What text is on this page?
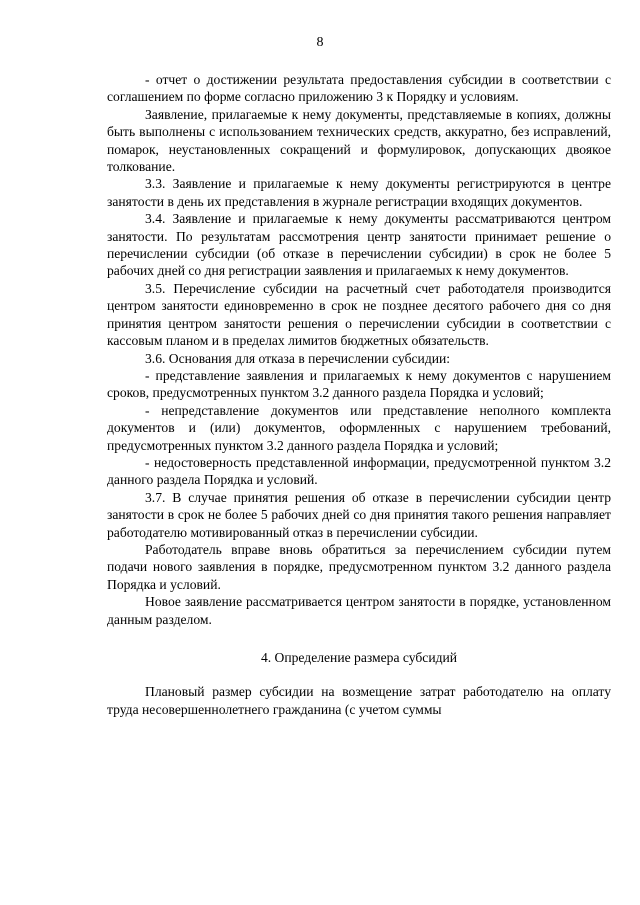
8

- отчет о достижении результата предоставления субсидии в соответствии с соглашением по форме согласно приложению 3 к Порядку и условиям.

Заявление, прилагаемые к нему документы, представляемые в копиях, должны быть выполнены с использованием технических средств, аккуратно, без исправлений, помарок, неустановленных сокращений и формулировок, допускающих двоякое толкование.

3.3. Заявление и прилагаемые к нему документы регистрируются в центре занятости в день их представления в журнале регистрации входящих документов.

3.4. Заявление и прилагаемые к нему документы рассматриваются центром занятости. По результатам рассмотрения центр занятости принимает решение о перечислении субсидии (об отказе в перечислении субсидии) в срок не более 5 рабочих дней со дня регистрации заявления и прилагаемых к нему документов.

3.5. Перечисление субсидии на расчетный счет работодателя производится центром занятости единовременно в срок не позднее десятого рабочего дня со дня принятия центром занятости решения о перечислении субсидии в соответствии с кассовым планом и в пределах лимитов бюджетных обязательств.

3.6. Основания для отказа в перечислении субсидии:

- представление заявления и прилагаемых к нему документов с нарушением сроков, предусмотренных пунктом 3.2 данного раздела Порядка и условий;

- непредставление документов или представление неполного комплекта документов и (или) документов, оформленных с нарушением требований, предусмотренных пунктом 3.2 данного раздела Порядка и условий;

- недостоверность представленной информации, предусмотренной пунктом 3.2 данного раздела Порядка и условий.

3.7. В случае принятия решения об отказе в перечислении субсидии центр занятости в срок не более 5 рабочих дней со дня принятия такого решения направляет работодателю мотивированный отказ в перечислении субсидии.

Работодатель вправе вновь обратиться за перечислением субсидии путем подачи нового заявления в порядке, предусмотренном пунктом 3.2 данного раздела Порядка и условий.

Новое заявление рассматривается центром занятости в порядке, установленном данным разделом.

4. Определение размера субсидий

Плановый размер субсидии на возмещение затрат работодателю на оплату труда несовершеннолетнего гражданина (с учетом суммы
